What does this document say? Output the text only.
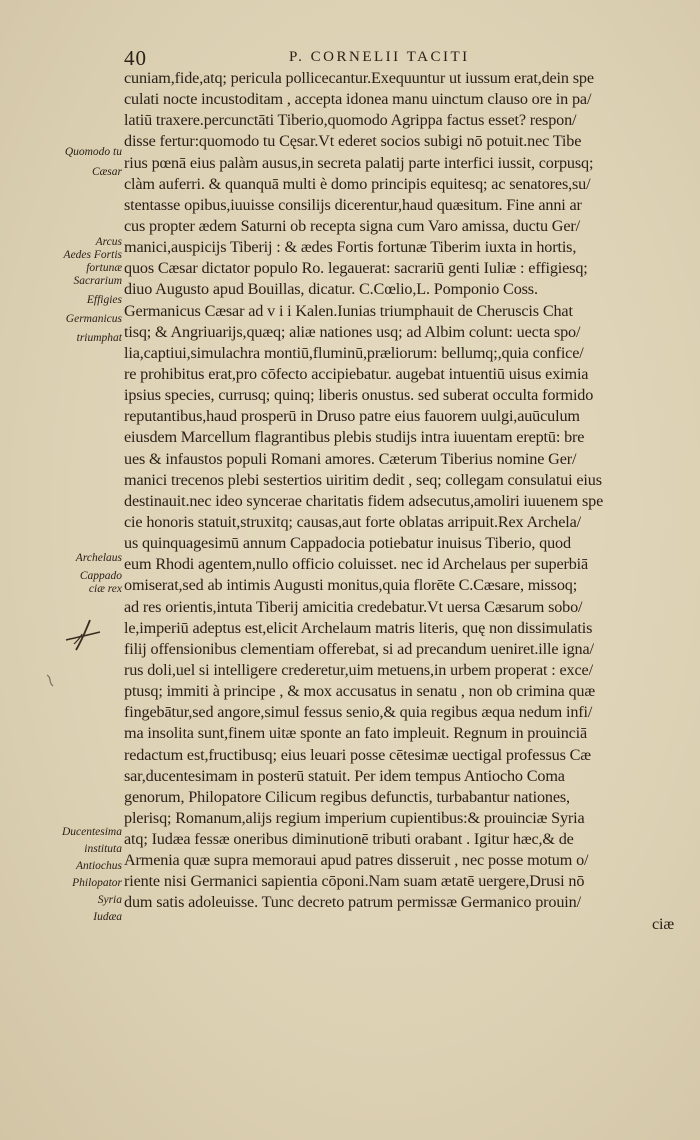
40	P. CORNELII TACITI
Quomodo tu
Cæsar
Arcus
Aedes Fortis
fortunæ
Sacrarium
Effigies
Germanicus
triumphat
Archelaus
Cappado
ciæ rex
Ducentesima
instituta
Antiochus
Philopator
Syria
Iudæa
cuniam,fide,atq; pericula pollicecantur.Exequuntur ut iussum erat,dein spe
culati nocte incustoditam , accepta idonea manu uinctum clauso ore in pa/
latiū traxere.percunctāti Tiberio,quomodo Agrippa factus esset? respon/
disse fertur:quomodo tu Cęsar.Vt ederet socios subigi nō potuit.nec Tibe
rius pœnā eius palàm ausus,in secreta palatij parte interfici iussit, corpusq;
clàm auferri. & quanquā multi è domo principis equitesq; ac senatores,su/
stentasse opibus,iuuisse consilijs dicerentur,haud quæsitum. Fine anni ar
cus propter ædem Saturni ob recepta signa cum Varo amissa, ductu Ger/
manici,auspicijs Tiberij : & ædes Fortis fortunæ Tiberim iuxta in hortis,
quos Cæsar dictator populo Ro. legauerat: sacrariū genti Iuliæ : effigiesq;
diuo Augusto apud Bouillas, dicatur. C.Cœlio,L. Pomponio Coss.
Germanicus Cæsar ad v i i Kalen.Iunias triumphauit de Cheruscis Chat
tisq; & Angriuarijs,quæq; aliæ nationes usq; ad Albim colunt: uecta spo/
lia,captiui,simulachra montiū,fluminū,præliorum: bellumq;,quia confice/
re prohibitus erat,pro cōfecto accipiebatur. augebat intuentiū uisus eximia
ipsius species, currusq; quinq; liberis onustus. sed suberat occulta formido
reputantibus,haud prosperū in Druso patre eius fauorem uulgi,auūculum
eiusdem Marcellum flagrantibus plebis studijs intra iuuentam ereptū: bre
ues & infaustos populi Romani amores. Cæterum Tiberius nomine Ger/
manici trecenos plebi sestertios uiritim dedit , seq; collegam consulatui eius
destinauit.nec ideo syncerae charitatis fidem adsecutus,amoliri iuuenem spe
cie honoris statuit,struxitq; causas,aut forte oblatas arripuit.Rex Archela/
us quinquagesimū annum Cappadocia potiebatur inuisus Tiberio, quod
eum Rhodi agentem,nullo officio coluisset. nec id Archelaus per superbiā
omiserat,sed ab intimis Augusti monitus,quia florēte C.Cæsare, missoq;
ad res orientis,intuta Tiberij amicitia credebatur.Vt uersa Cæsarum sobo/
le,imperiū adeptus est,elicit Archelaum matris literis, quę non dissimulatis
filij offensionibus clementiam offerebat, si ad precandum ueniret.ille igna/
rus doli,uel si intelligere crederetur,uim metuens,in urbem properat : exce/
ptusq; immiti à principe , & mox accusatus in senatu , non ob crimina quæ
fingebātur,sed angore,simul fessus senio,& quia regibus æqua nedum infi/
ma insolita sunt,finem uitæ sponte an fato impleuit. Regnum in prouinciā
redactum est,fructibusq; eius leuari posse cētesimæ uectigal professus Cæ
sar,ducentesimam in posterū statuit. Per idem tempus Antiocho Coma
genorum, Philopatore Cilicum regibus defunctis, turbabantur nationes,
plerisq; Romanum,alijs regium imperium cupientibus:& prouinciæ Syria
atq; Iudæa fessæ oneribus diminutionē tributi orabant . Igitur hæc,& de
Armenia quæ supra memoraui apud patres disseruit , nec posse motum o/
riente nisi Germanici sapientia cōponi.Nam suam ætatē uergere,Drusi nō
dum satis adoleuisse. Tunc decreto patrum permissæ Germanico prouin/
ciæ
